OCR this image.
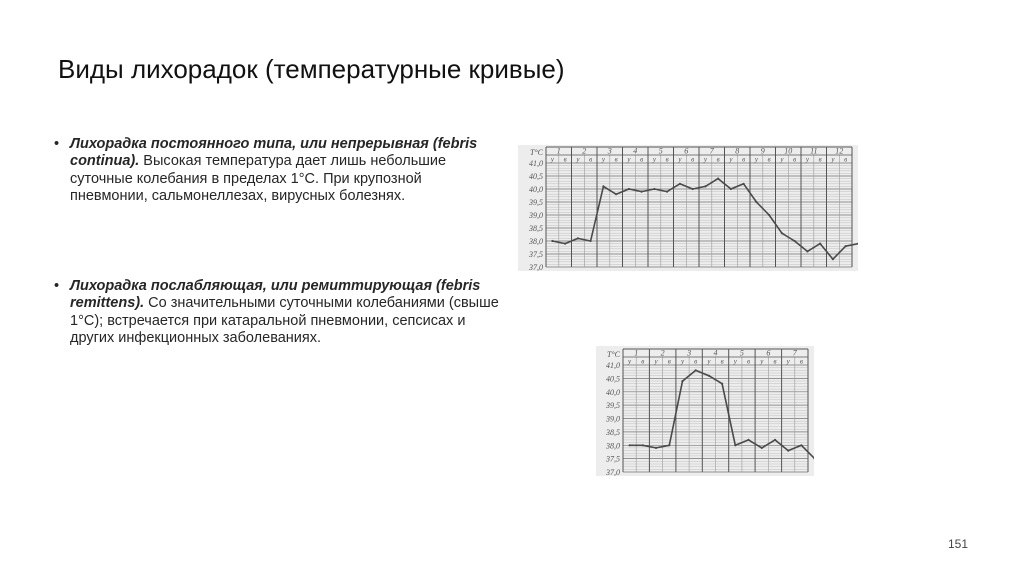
Виды лихорадок (температурные кривые)
• Лихорадка постоянного типа, или непрерывная (febris continua). Высокая температура дает лишь небольшие суточные колебания в пределах 1°С. При крупозной пневмонии, сальмонеллезах, вирусных болезнях.
• Лихорадка послабляющая, или ремиттирующая (febris remittens). Со значительными суточными колебаниями (свыше 1°С); встречается при катаральной пневмонии, сепсисах и других инфекционных заболеваниях.
41,0
40,5
40,0
39,5
39,0
38,5
38,0
37,5
37,0
T°C 1	2	3	4	5	6	7	8	9 10 11 12
у в у в у в у в у в у в у в у в у в у в у в у в
41,0
40,5
40,0
39,5
39,0
38,5
38,0
37,5
37,0
T°C 1	2	3	4	5	6	7
у в у в у в у в у в у в у в
151
